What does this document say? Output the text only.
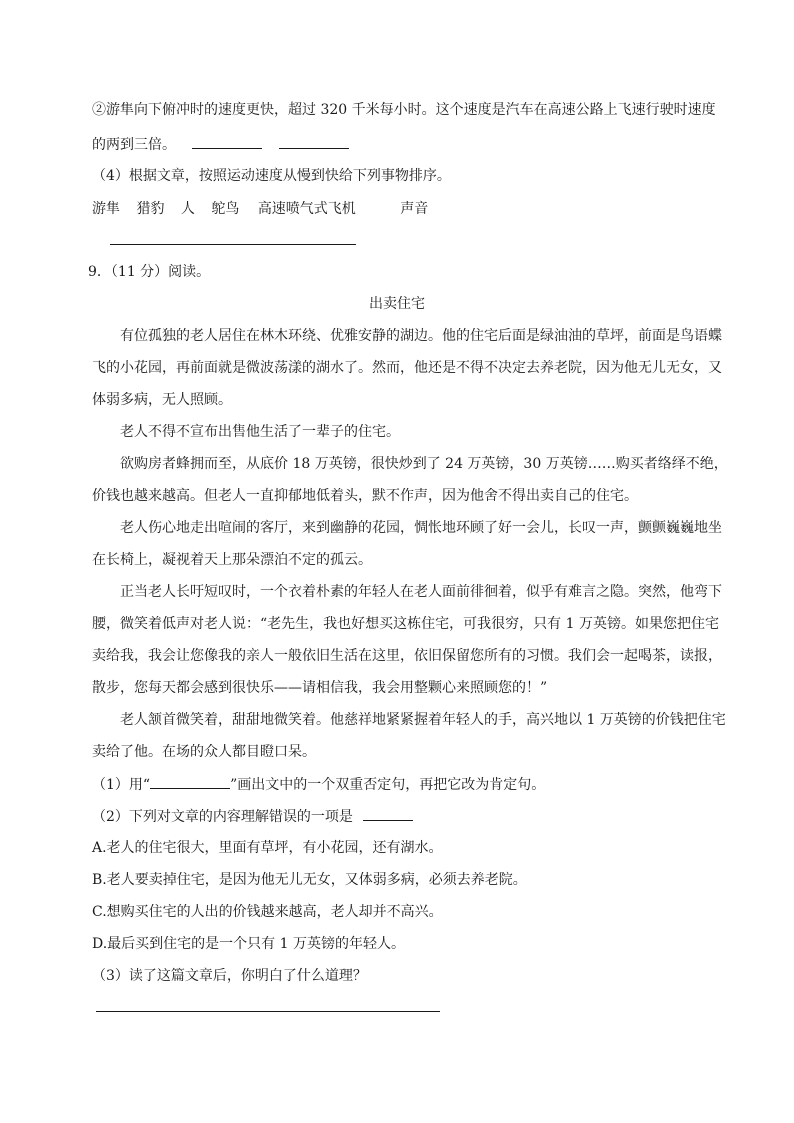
②游隼向下俯冲时的速度更快，超过 320 千米每小时。这个速度是汽车在高速公路上飞速行驶时速度
的两到三倍。
（4）根据文章，按照运动速度从慢到快给下列事物排序。
游隼 猎豹 人 鸵鸟 高速喷气式飞机	声音
9．（11 分）阅读。
出卖住宅
有位孤独的老人居住在林木环绕、优雅安静的湖边。他的住宅后面是绿油油的草坪，前面是鸟语蝶
飞的小花园，再前面就是微波荡漾的湖水了。然而，他还是不得不决定去养老院，因为他无儿无女，又
体弱多病，无人照顾。
老人不得不宣布出售他生活了一辈子的住宅。
欲购房者蜂拥而至，从底价 18 万英镑，很快炒到了 24 万英镑，30 万英镑……购买者络绎不绝，
价钱也越来越高。但老人一直抑郁地低着头，默不作声，因为他舍不得出卖自己的住宅。
老人伤心地走出喧闹的客厅，来到幽静的花园，惆怅地环顾了好一会儿，长叹一声，颤颤巍巍地坐
在长椅上，凝视着天上那朵漂泊不定的孤云。
正当老人长吁短叹时，一个衣着朴素的年轻人在老人面前徘徊着，似乎有难言之隐。突然，他弯下
腰，微笑着低声对老人说：“老先生，我也好想买这栋住宅，可我很穷，只有 1 万英镑。如果您把住宅
卖给我，我会让您像我的亲人一般依旧生活在这里，依旧保留您所有的习惯。我们会一起喝茶，读报，
散步，您每天都会感到很快乐——请相信我，我会用整颗心来照顾您的！”
老人颔首微笑着，甜甜地微笑着。他慈祥地紧紧握着年轻人的手，高兴地以 1 万英镑的价钱把住宅
卖给了他。在场的众人都目瞪口呆。
（1）用“	”画出文中的一个双重否定句，再把它改为肯定句。
（2）下列对文章的内容理解错误的一项是
A.老人的住宅很大，里面有草坪，有小花园，还有湖水。
B.老人要卖掉住宅，是因为他无儿无女，又体弱多病，必须去养老院。
C.想购买住宅的人出的价钱越来越高，老人却并不高兴。
D.最后买到住宅的是一个只有 1 万英镑的年轻人。
（3）读了这篇文章后，你明白了什么道理？
